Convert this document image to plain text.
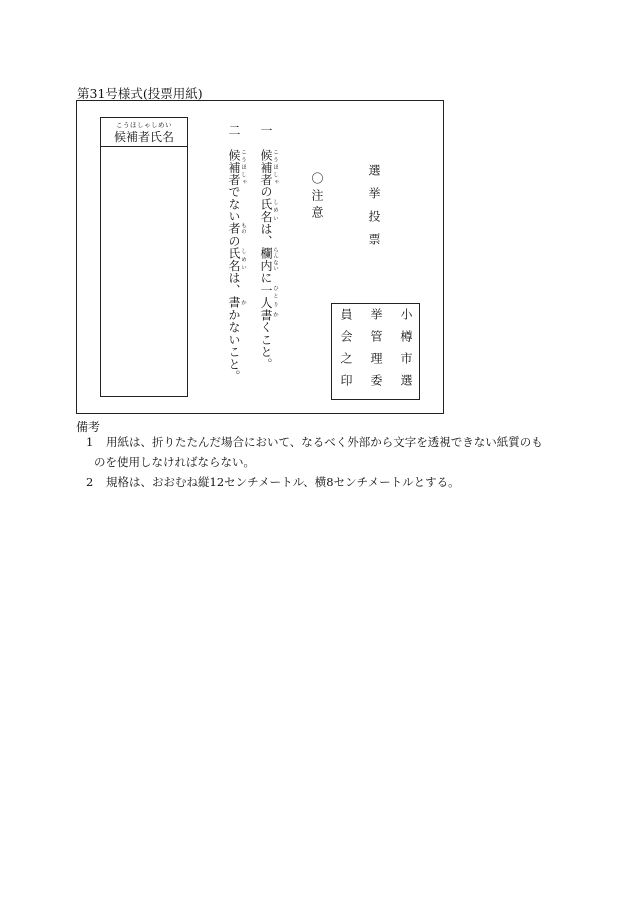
第31号様式(投票用紙)
こうほしゃしめい
候補者氏名	一　候補者 こうほしゃの氏名 しめいは、欄内 らんないに一人 ひとり書 かくこと。
二　候補者 こうほしゃでない者 ものの氏名 しめいは、書 かかないこと。
〇注意	選挙投票
小樽市選
挙管理委
員会之印
備考
1 用紙は、折りたたんだ場合において、なるべく外部から文字を透視できない紙質のも
のを使用しなければならない。
2 規格は、おおむね縦12センチメートル、横8センチメートルとする。
